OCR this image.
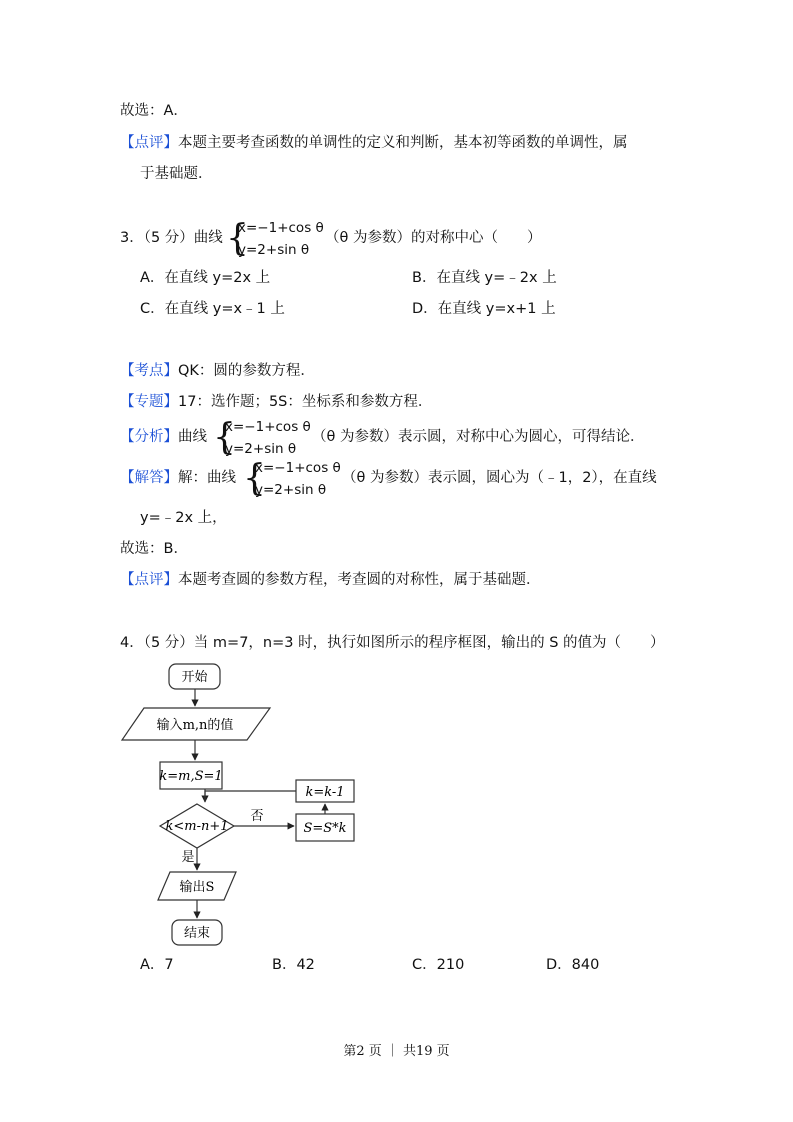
故选：A．
【点评】本题主要考查函数的单调性的定义和判断，基本初等函数的单调性，属
于基础题．
3．（5 分）曲线 {
x=−1+cos θ
y=2+sin θ
（θ 为参数）的对称中心（　　）
A．在直线 y=2x 上	B．在直线 y=﹣2x 上
C．在直线 y=x﹣1 上	D．在直线 y=x+1 上
【考点】QK：圆的参数方程．
【专题】17：选作题；5S：坐标系和参数方程．
【分析】曲线 {
x=−1+cos θ
y=2+sin θ
（θ 为参数）表示圆，对称中心为圆心，可得结论．
【解答】解：曲线 {
x=−1+cos θ
y=2+sin θ
（θ 为参数）表示圆，圆心为（﹣1，2），在直线
y=﹣2x 上，
故选：B．
【点评】本题考查圆的参数方程，考查圆的对称性，属于基础题．
4．（5 分）当 m=7，n=3 时，执行如图所示的程序框图，输出的 S 的值为（　　）
开始
输入m,n的值
k=m,S=1
k<m-n+1
否
S=S*k
k=k-1
是
输出S
结束
A．7	B．42	C．210	D．840
第2 页 ｜ 共19 页
